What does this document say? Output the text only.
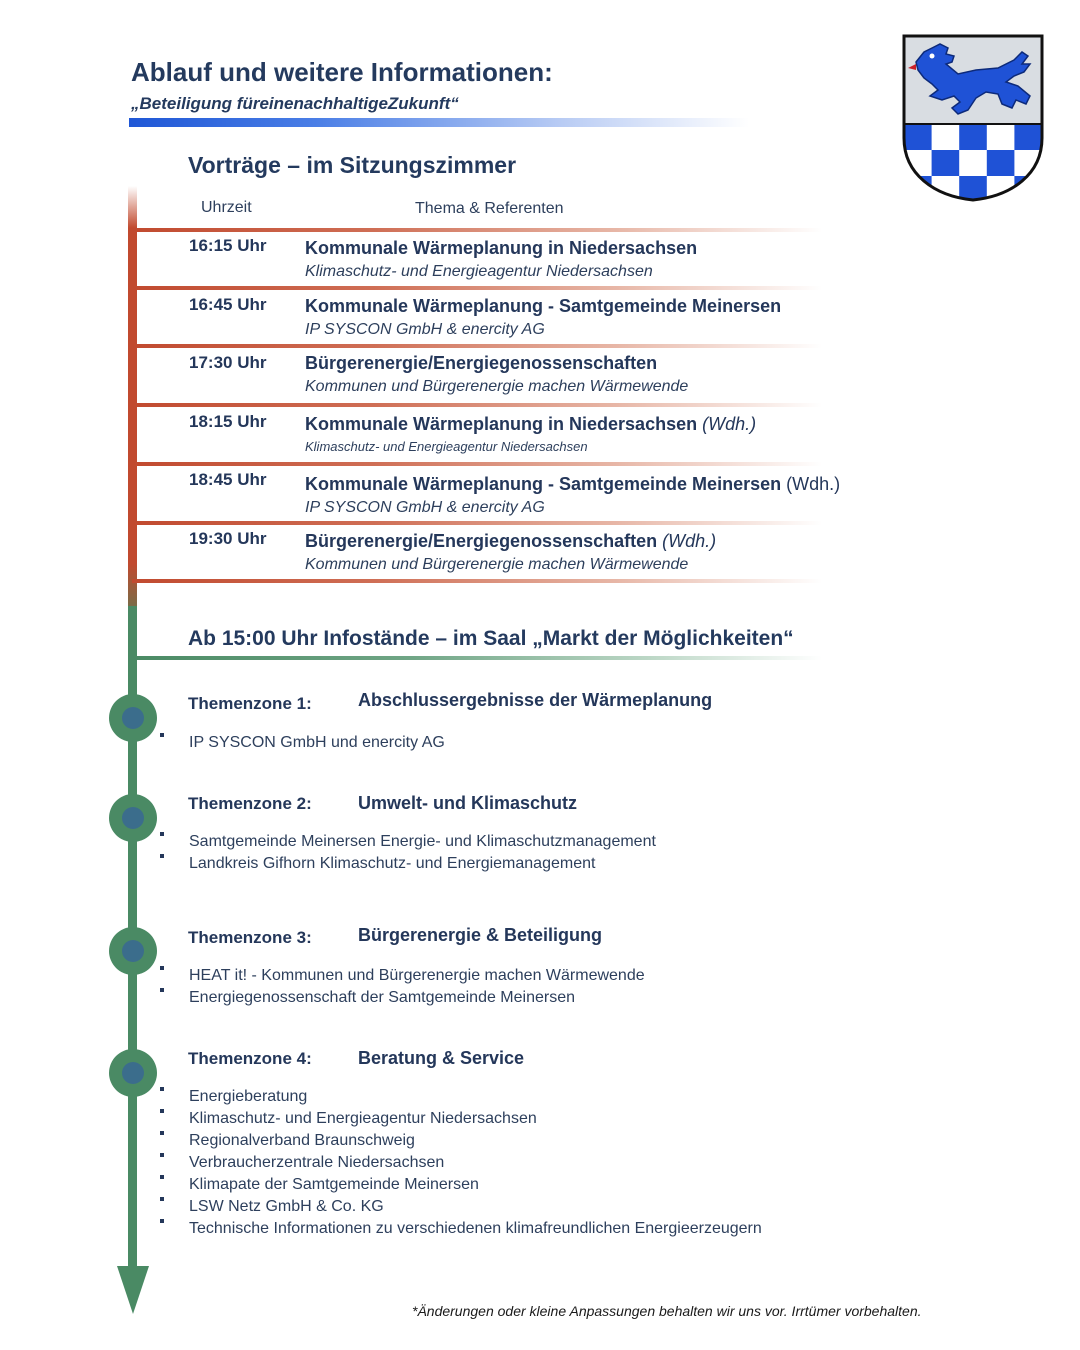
Ablauf und weitere Informationen:
„Beteiligung füreinenachhaltigeZukunft“
Vorträge – im Sitzungszimmer
Uhrzeit	Thema & Referenten
16:15 Uhr Kommunale Wärmeplanung in Niedersachsen
Klimaschutz- und Energieagentur Niedersachsen
16:45 Uhr Kommunale Wärmeplanung - Samtgemeinde Meinersen
IP SYSCON GmbH & enercity AG
17:30 Uhr Bürgerenergie/Energiegenossenschaften
Kommunen und Bürgerenergie machen Wärmewende
18:15 Uhr Kommunale Wärmeplanung in Niedersachsen (Wdh.)
Klimaschutz- und Energieagentur Niedersachsen
18:45 Uhr Kommunale Wärmeplanung - Samtgemeinde Meinersen (Wdh.)
IP SYSCON GmbH & enercity AG
19:30 Uhr Bürgerenergie/Energiegenossenschaften (Wdh.)
Kommunen und Bürgerenergie machen Wärmewende
Ab 15:00 Uhr Infostände – im Saal „Markt der Möglichkeiten“
Themenzone 1:	Abschlussergebnisse der Wärmeplanung
IP SYSCON GmbH und enercity AG
Themenzone 2:	Umwelt- und Klimaschutz
Samtgemeinde Meinersen Energie- und Klimaschutzmanagement
Landkreis Gifhorn Klimaschutz- und Energiemanagement
Themenzone 3:	Bürgerenergie & Beteiligung
HEAT it! - Kommunen und Bürgerenergie machen Wärmewende
Energiegenossenschaft der Samtgemeinde Meinersen
Themenzone 4:	Beratung & Service
Energieberatung
Klimaschutz- und Energieagentur Niedersachsen
Regionalverband Braunschweig
Verbraucherzentrale Niedersachsen
Klimapate der Samtgemeinde Meinersen
LSW Netz GmbH & Co. KG
Technische Informationen zu verschiedenen klimafreundlichen Energieerzeugern
*Änderungen oder kleine Anpassungen behalten wir uns vor. Irrtümer vorbehalten.
